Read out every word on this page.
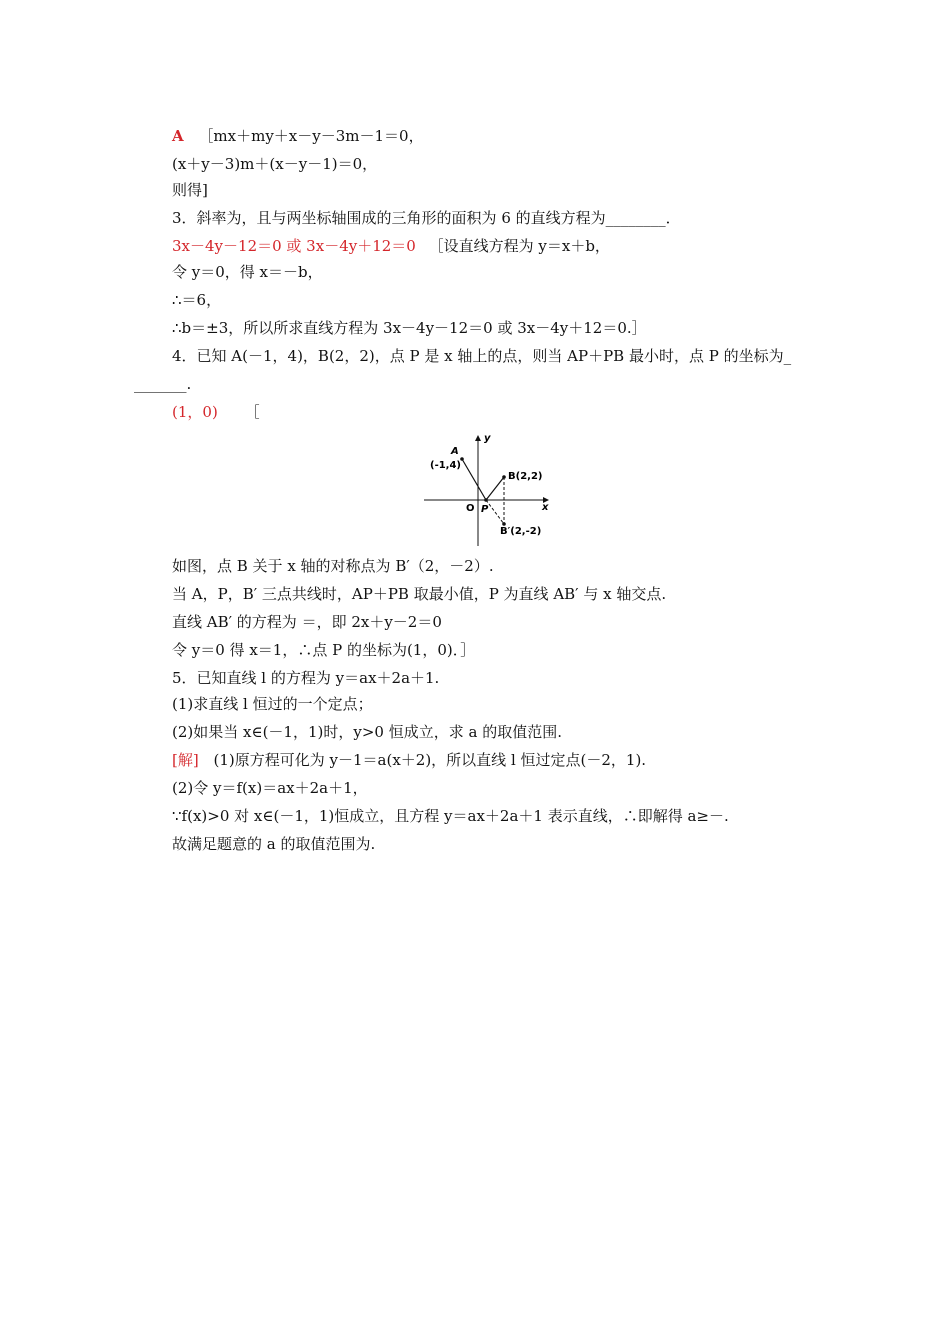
A ［mx＋my＋x－y－3m－1＝0，
(x＋y－3)m＋(x－y－1)＝0，
则得]
3．斜率为，且与两坐标轴围成的三角形的面积为 6 的直线方程为________．
3x－4y－12＝0 或 3x－4y＋12＝0 ［设直线方程为 y＝x＋b，
令 y＝0，得 x＝－b，
∴＝6，
∴b＝±3，所以所求直线方程为 3x－4y－12＝0 或 3x－4y＋12＝0.］
4．已知 A(－1，4)，B(2，2)，点 P 是 x 轴上的点，则当 AP＋PB 最小时，点 P 的坐标为_
_______.
(1，0) ［
y
x
O
A
(-1,4)
B(2,2)
P
B′(2,-2)
如图，点 B 关于 x 轴的对称点为 B′（2，－2）.
当 A，P，B′ 三点共线时，AP＋PB 取最小值，P 为直线 AB′ 与 x 轴交点.
直线 AB′ 的方程为 ＝，即 2x＋y－2＝0
令 y＝0 得 x＝1，∴点 P 的坐标为(1，0)．］
5．已知直线 l 的方程为 y＝ax＋2a＋1.
(1)求直线 l 恒过的一个定点；
(2)如果当 x∈(－1，1)时，y>0 恒成立，求 a 的取值范围.
[解] (1)原方程可化为 y－1＝a(x＋2)，所以直线 l 恒过定点(－2，1).
(2)令 y＝f(x)＝ax＋2a＋1，
∵f(x)>0 对 x∈(－1，1)恒成立，且方程 y＝ax＋2a＋1 表示直线，∴即解得 a≥－.
故满足题意的 a 的取值范围为.
